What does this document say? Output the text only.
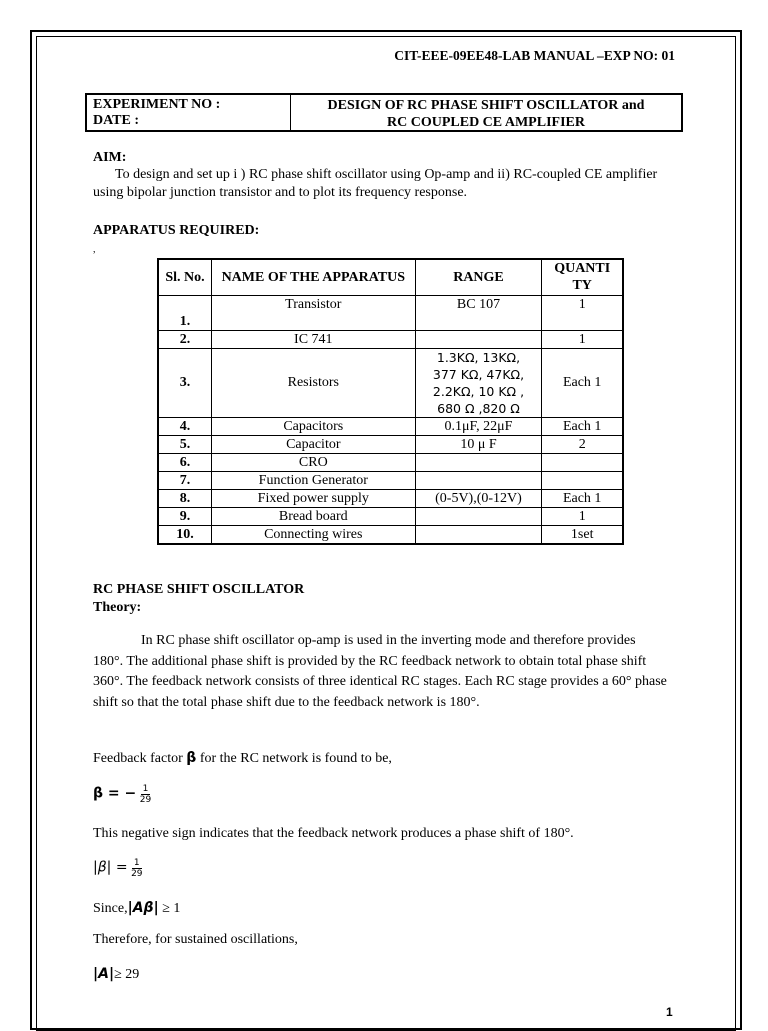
CIT-EEE-09EE48-LAB MANUAL –EXP NO: 01
EXPERIMENT NO :
DATE :
DESIGN OF RC PHASE SHIFT OSCILLATOR and
RC COUPLED CE AMPLIFIER
AIM:
To design and set up i ) RC phase shift oscillator using Op-amp and ii) RC-coupled CE amplifier using bipolar junction transistor and to plot its frequency response.
APPARATUS REQUIRED:
,
Sl. No.	NAME OF THE APPARATUS	RANGE	QUANTI TY
1.	Transistor	BC 107	1
2.	IC 741		1
3.	Resistors	1.3KΩ, 13KΩ,
377 KΩ, 47KΩ,
2.2KΩ, 10 KΩ ,
680 Ω ,820 Ω	Each 1
4.	Capacitors	0.1μF, 22μF	Each 1
5.	Capacitor	10 μ F	2
6.	CRO		
7.	Function Generator		
8.	Fixed power supply	(0-5V),(0-12V)	Each 1
9.	Bread board		1
10.	Connecting wires		1set
RC PHASE SHIFT OSCILLATOR
Theory:
In RC phase shift oscillator op-amp is used in the inverting mode and therefore provides 180°. The additional phase shift is provided by the RC feedback network to obtain total phase shift 360°. The feedback network consists of three identical RC stages. Each RC stage provides a 60° phase shift so that the total phase shift due to the feedback network is 180°.
Feedback factor β for the RC network is found to be,
β = − $\frac{1}{29}$
This negative sign indicates that the feedback network produces a phase shift of 180°.
$|\beta| = \frac{1}{29}$
Since,|Aβ| ≥ 1
Therefore, for sustained oscillations,
|A|≥ 29
1
